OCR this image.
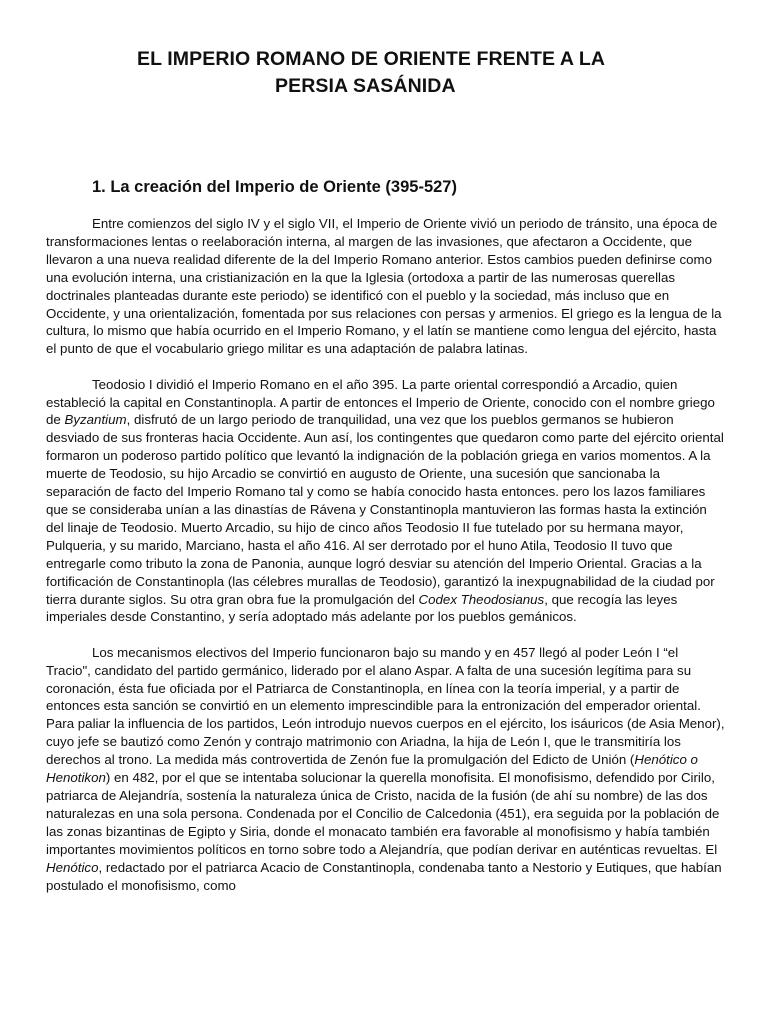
EL IMPERIO ROMANO DE ORIENTE FRENTE A LA
PERSIA SASÁNIDA
1. La creación del Imperio de Oriente (395-527)

Entre comienzos del siglo IV y el siglo VII, el Imperio de Oriente vivió un periodo de tránsito, una época de transformaciones lentas o reelaboración interna, al margen de las invasiones, que afectaron a Occidente, que llevaron a una nueva realidad diferente de la del Imperio Romano anterior. Estos cambios pueden definirse como una evolución interna, una cristianización en la que la Iglesia (ortodoxa a partir de las numerosas querellas doctrinales planteadas durante este periodo) se identificó con el pueblo y la sociedad, más incluso que en Occidente, y una orientalización, fomentada por sus relaciones con persas y armenios. El griego es la lengua de la cultura, lo mismo que había ocurrido en el Imperio Romano, y el latín se mantiene como lengua del ejército, hasta el punto de que el vocabulario griego militar es una adaptación de palabra latinas.

Teodosio I dividió el Imperio Romano en el año 395. La parte oriental correspondió a Arcadio, quien estableció la capital en Constantinopla. A partir de entonces el Imperio de Oriente, conocido con el nombre griego de Byzantium, disfrutó de un largo periodo de tranquilidad, una vez que los pueblos germanos se hubieron desviado de sus fronteras hacia Occidente. Aun así, los contingentes que quedaron como parte del ejército oriental formaron un poderoso partido político que levantó la indignación de la población griega en varios momentos. A la muerte de Teodosio, su hijo Arcadio se convirtió en augusto de Oriente, una sucesión que sancionaba la separación de facto del Imperio Romano tal y como se había conocido hasta entonces. pero los lazos familiares que se consideraba unían a las dinastías de Rávena y Constantinopla mantuvieron las formas hasta la extinción del linaje de Teodosio. Muerto Arcadio, su hijo de cinco años Teodosio II fue tutelado por su hermana mayor, Pulqueria, y su marido, Marciano, hasta el año 416. Al ser derrotado por el huno Atila, Teodosio II tuvo que entregarle como tributo la zona de Panonia, aunque logró desviar su atención del Imperio Oriental. Gracias a la fortificación de Constantinopla (las célebres murallas de Teodosio), garantizó la inexpugnabilidad de la ciudad por tierra durante siglos. Su otra gran obra fue la promulgación del Codex Theodosianus, que recogía las leyes imperiales desde Constantino, y sería adoptado más adelante por los pueblos gemánicos.

Los mecanismos electivos del Imperio funcionaron bajo su mando y en 457 llegó al poder León I “el Tracio", candidato del partido germánico, liderado por el alano Aspar. A falta de una sucesión legítima para su coronación, ésta fue oficiada por el Patriarca de Constantinopla, en línea con la teoría imperial, y a partir de entonces esta sanción se convirtió en un elemento imprescindible para la entronización del emperador oriental. Para paliar la influencia de los partidos, León introdujo nuevos cuerpos en el ejército, los isáuricos (de Asia Menor), cuyo jefe se bautizó como Zenón y contrajo matrimonio con Ariadna, la hija de León I, que le transmitiría los derechos al trono. La medida más controvertida de Zenón fue la promulgación del Edicto de Unión (Henótico o Henotikon) en 482, por el que se intentaba solucionar la querella monofisita. El monofisismo, defendido por Cirilo, patriarca de Alejandría, sostenía la naturaleza única de Cristo, nacida de la fusión (de ahí su nombre) de las dos naturalezas en una sola persona. Condenada por el Concilio de Calcedonia (451), era seguida por la población de las zonas bizantinas de Egipto y Siria, donde el monacato también era favorable al monofisismo y había también importantes movimientos políticos en torno sobre todo a Alejandría, que podían derivar en auténticas revueltas. El Henótico, redactado por el patriarca Acacio de Constantinopla, condenaba tanto a Nestorio y Eutiques, que habían postulado el monofisismo, como
